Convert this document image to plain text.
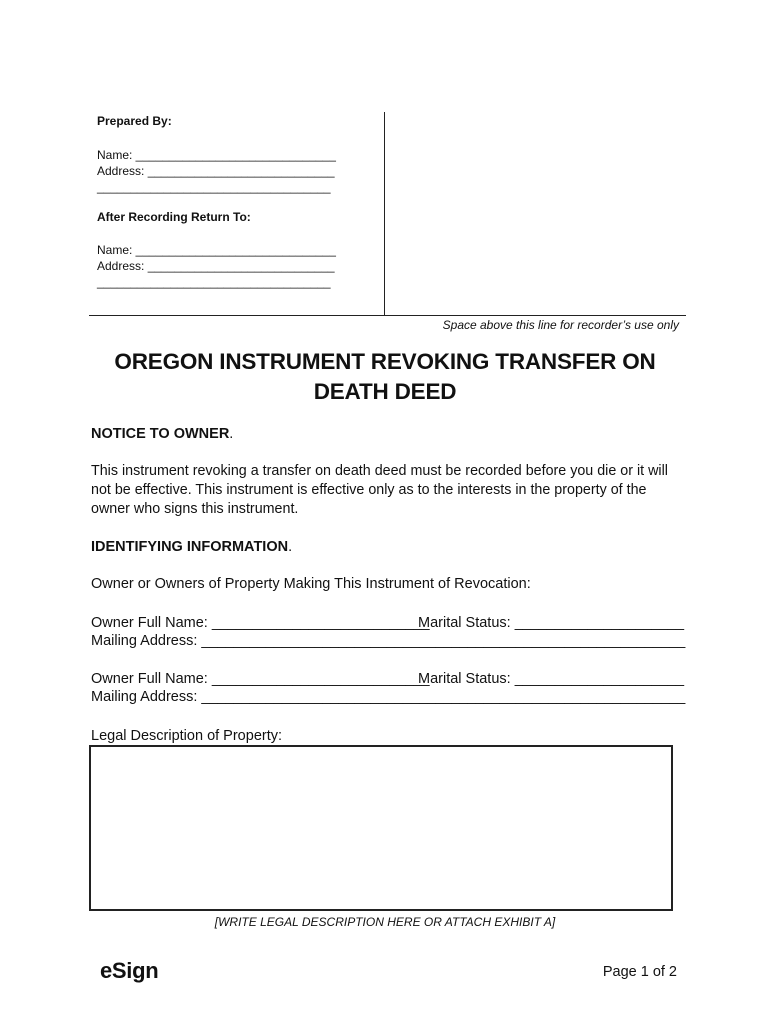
Prepared By:
Name: ______________________________
Address: ____________________________
___________________________________
After Recording Return To:
Name: ______________________________
Address: ____________________________
___________________________________
Space above this line for recorder’s use only
OREGON INSTRUMENT REVOKING TRANSFER ON
DEATH DEED
NOTICE TO OWNER.
This instrument revoking a transfer on death deed must be recorded before you die or it will not be effective. This instrument is effective only as to the interests in the property of the owner who signs this instrument.
IDENTIFYING INFORMATION.
Owner or Owners of Property Making This Instrument of Revocation:
Owner Full Name: ___________________________
Marital Status: _____________________
Mailing Address: ____________________________________________________________
Owner Full Name: ___________________________
Marital Status: _____________________
Mailing Address: ____________________________________________________________
Legal Description of Property:
[WRITE LEGAL DESCRIPTION HERE OR ATTACH EXHIBIT A]
eSign	Page 1 of 2
